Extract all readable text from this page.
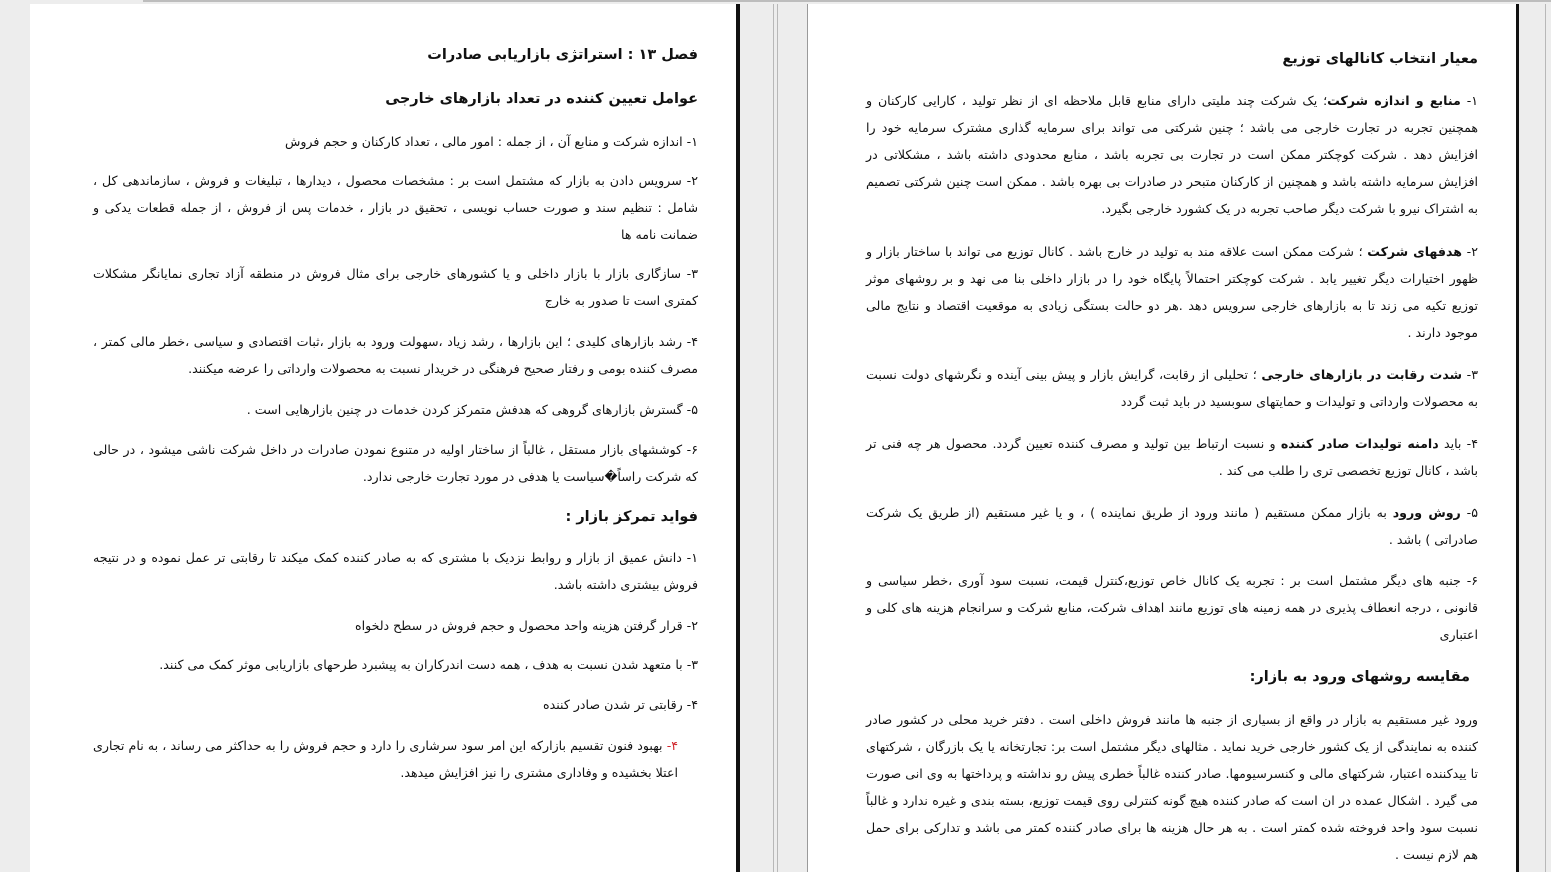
فصل ۱۳ : استراتژی بازاریابی صادرات

عوامل تعیین کننده در تعداد بازارهای خارجی

۱- اندازه شرکت و منابع آن ، از جمله : امور مالی ، تعداد کارکنان و حجم فروش

۲- سرویس دادن به بازار که مشتمل است بر : مشخصات محصول ، دیدارها ، تبلیغات و فروش ، سازماندهی کل ، شامل : تنظیم سند و صورت حساب نویسی ، تحقیق در بازار ، خدمات پس از فروش ، از جمله قطعات یدکی و ضمانت نامه ها

۳- سازگاری بازار با بازار داخلی و یا کشورهای خارجی برای مثال فروش در منطقه آزاد تجاری نمایانگر مشکلات کمتری است تا صدور به خارج

۴- رشد بازارهای کلیدی ؛ این بازارها ، رشد زیاد ،سهولت ورود به بازار ،ثبات اقتصادی و سیاسی ،خطر مالی کمتر ، مصرف کننده بومی و رفتار صحیح فرهنگی در خریدار نسبت به محصولات وارداتی را عرضه میکنند.

۵- گسترش بازارهای گروهی که هدفش متمرکز کردن خدمات در چنین بازارهایی است .

۶- کوششهای بازار مستقل ، غالباً از ساختار اولیه در متنوع نمودن صادرات در داخل شرکت ناشی میشود ، در حالی که شرکت راساً�سیاست یا هدفی در مورد تجارت خارجی ندارد.

فواید تمرکز بازار :

۱- دانش عمیق از بازار و روابط نزدیک با مشتری که به صادر کننده کمک میکند تا رقابتی تر عمل نموده و در نتیجه فروش بیشتری داشته باشد.

۲- قرار گرفتن هزینه واحد محصول و حجم فروش در سطح دلخواه

۳- با متعهد شدن نسبت به هدف ، همه دست اندرکاران به پیشبرد طرحهای بازاریابی موثر کمک می کنند.

۴- رقابتی تر شدن صادر کننده

۴- بهبود فنون تقسیم بازارکه این امر سود سرشاری را دارد و حجم فروش را به حداکثر می رساند ، به نام تجاری اعتلا بخشیده و وفاداری مشتری را نیز افزایش میدهد.

معیار انتخاب کانالهای توزیع

۱- منابع و اندازه شرکت؛ یک شرکت چند ملیتی دارای منابع قابل ملاحظه ای از نظر تولید ، کارایی کارکنان و همچنین تجربه در تجارت خارجی می باشد ؛ چنین شرکتی می تواند برای سرمایه گذاری مشترک سرمایه خود را افزایش دهد . شرکت کوچکتر ممکن است در تجارت بی تجربه باشد ، منابع محدودی داشته باشد ، مشکلاتی در افزایش سرمایه داشته باشد و همچنین از کارکنان متبحر در صادرات بی بهره باشد . ممکن است چنین شرکتی تصمیم به اشتراک نیرو با شرکت دیگر صاحب تجربه در یک کشورد خارجی بگیرد.

۲- هدفهای شرکت ؛ شرکت ممکن است علاقه مند به تولید در خارج باشد . کانال توزیع می تواند با ساختار بازار و ظهور اختیارات دیگر تغییر یابد . شرکت کوچکتر احتمالاً پایگاه خود را در بازار داخلی بنا می نهد و بر روشهای موثر توزیع تکیه می زند تا به بازارهای خارجی سرویس دهد .هر دو حالت بستگی زیادی به موقعیت اقتصاد و نتایج مالی موجود دارند .

۳- شدت رقابت در بازارهای خارجی ؛ تحلیلی از رقابت، گرایش بازار و پیش بینی آینده و نگرشهای دولت نسبت به محصولات وارداتی و تولیدات و حمایتهای سوبسید در باید ثبت گردد

۴- باید دامنه تولیدات صادر کننده و نسبت ارتباط بین تولید و مصرف کننده تعیین گردد. محصول هر چه فنی تر باشد ، کانال توزیع تخصصی تری را طلب می کند .

۵- روش ورود به بازار ممکن مستقیم ( مانند ورود از طریق نماینده ) ، و یا غیر مستقیم (از طریق یک شرکت صادراتی ) باشد .

۶- جنبه های دیگر مشتمل است بر : تجربه یک کانال خاص توزیع،کنترل قیمت، نسبت سود آوری ،خطر سیاسی و قانونی ، درجه انعطاف پذیری در همه زمینه های توزیع مانند اهداف شرکت، منابع شرکت و سرانجام هزینه های کلی و اعتباری

مقایسه روشهای ورود به بازار:

ورود غیر مستقیم به بازار در واقع از بسیاری از جنبه ها مانند فروش داخلی است . دفتر خرید محلی در کشور صادر کننده به نمایندگی از یک کشور خارجی خرید نماید . مثالهای دیگر مشتمل است بر: تجارتخانه یا یک بازرگان ، شرکتهای تا ییدکننده اعتبار، شرکتهای مالی و کنسرسیومها. صادر کننده غالباً خطری پیش رو نداشته و پرداختها به وی انی صورت می گیرد . اشکال عمده در ان است که صادر کننده هیچ گونه کنترلی روی قیمت توزیع، بسته بندی و غیره ندارد و غالباً نسبت سود واحد فروخته شده کمتر است . به هر حال هزینه ها برای صادر کننده کمتر می باشد و تدارکی برای حمل هم لازم نیست .
